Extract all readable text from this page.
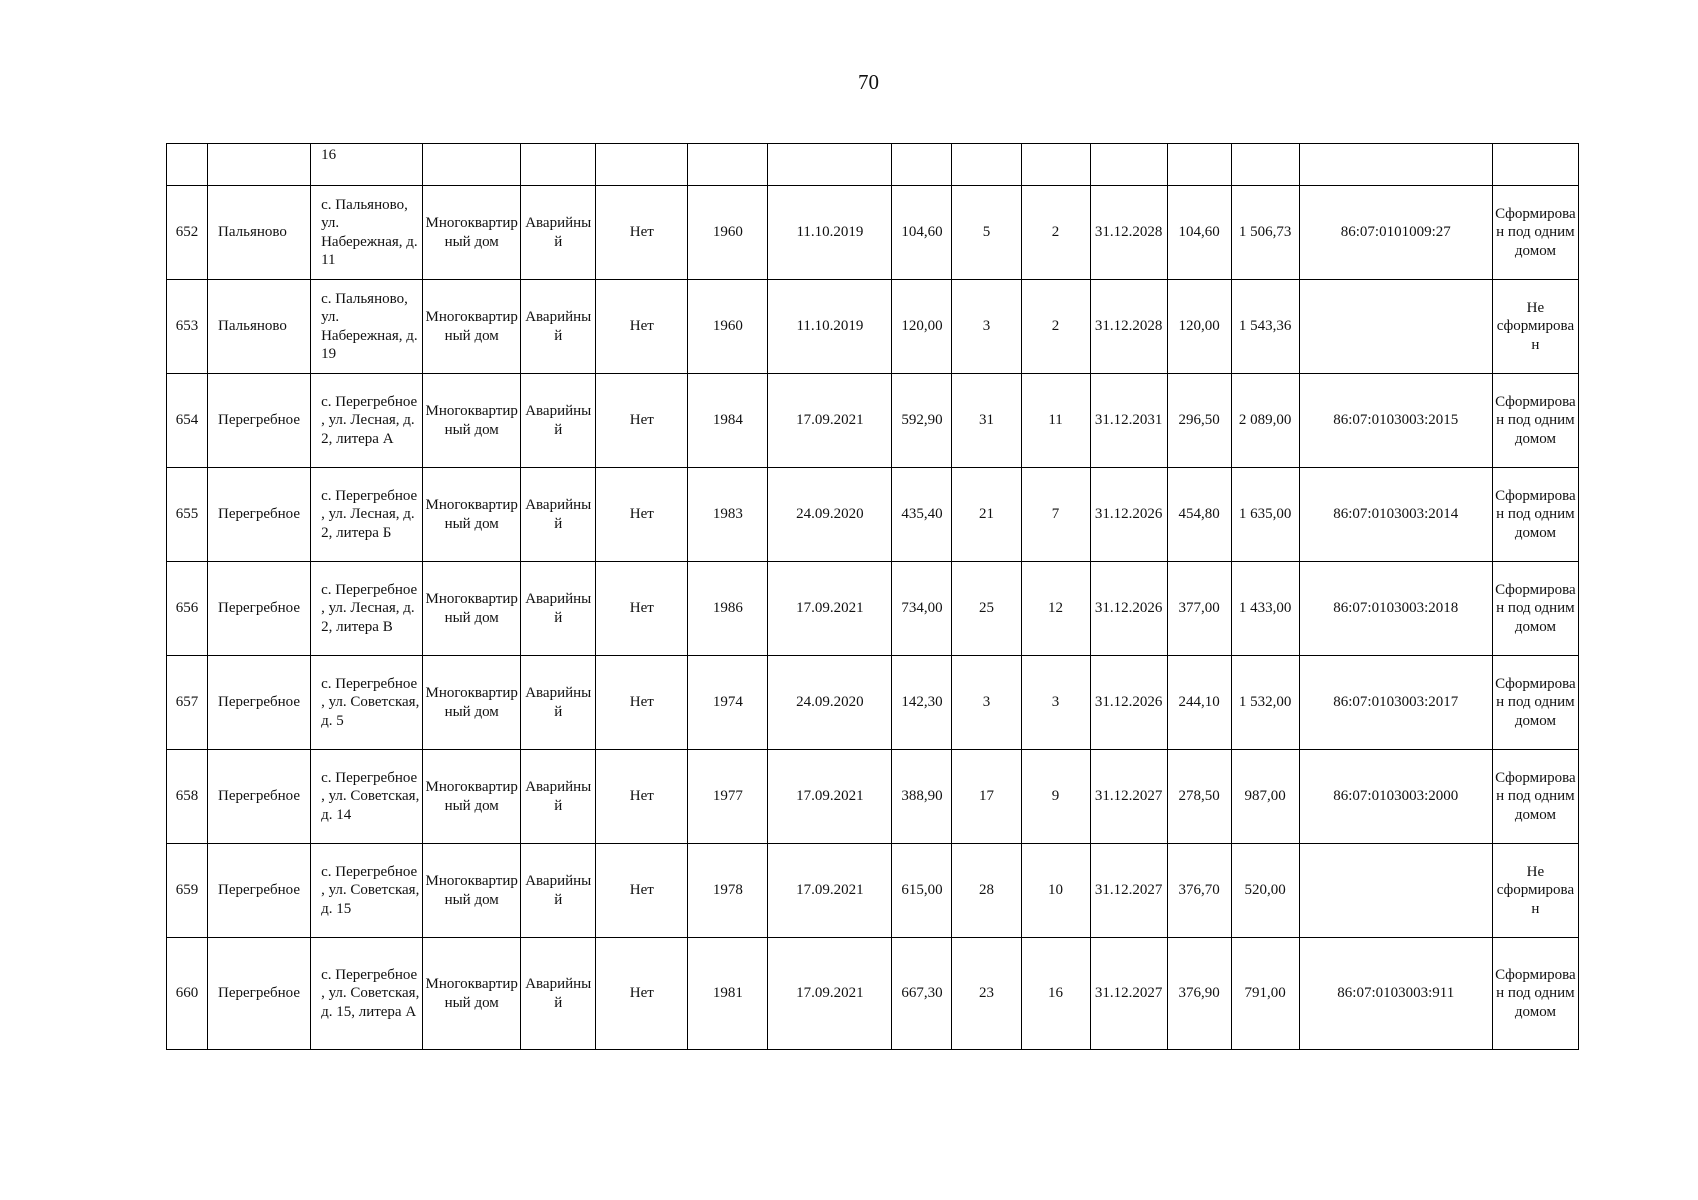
70
		16													
652	Пальяново	с. Пальяново, ул. Набережная, д. 11	Многоквартирный дом	Аварийный	Нет	1960	11.10.2019	104,60	5	2	31.12.2028	104,60	1 506,73	86:07:0101009:27	Сформирован под одним домом
653	Пальяново	с. Пальяново, ул. Набережная, д. 19	Многоквартирный дом	Аварийный	Нет	1960	11.10.2019	120,00	3	2	31.12.2028	120,00	1 543,36		Не сформирован
654	Перегребное	с. Перегребное , ул. Лесная, д. 2, литера А	Многоквартирный дом	Аварийный	Нет	1984	17.09.2021	592,90	31	11	31.12.2031	296,50	2 089,00	86:07:0103003:2015	Сформирован под одним домом
655	Перегребное	с. Перегребное , ул. Лесная, д. 2, литера Б	Многоквартирный дом	Аварийный	Нет	1983	24.09.2020	435,40	21	7	31.12.2026	454,80	1 635,00	86:07:0103003:2014	Сформирован под одним домом
656	Перегребное	с. Перегребное , ул. Лесная, д. 2, литера В	Многоквартирный дом	Аварийный	Нет	1986	17.09.2021	734,00	25	12	31.12.2026	377,00	1 433,00	86:07:0103003:2018	Сформирован под одним домом
657	Перегребное	с. Перегребное , ул. Советская, д. 5	Многоквартирный дом	Аварийный	Нет	1974	24.09.2020	142,30	3	3	31.12.2026	244,10	1 532,00	86:07:0103003:2017	Сформирован под одним домом
658	Перегребное	с. Перегребное , ул. Советская, д. 14	Многоквартирный дом	Аварийный	Нет	1977	17.09.2021	388,90	17	9	31.12.2027	278,50	987,00	86:07:0103003:2000	Сформирован под одним домом
659	Перегребное	с. Перегребное , ул. Советская, д. 15	Многоквартирный дом	Аварийный	Нет	1978	17.09.2021	615,00	28	10	31.12.2027	376,70	520,00		Не сформирован
660	Перегребное	с. Перегребное , ул. Советская, д. 15, литера А	Многоквартирный дом	Аварийный	Нет	1981	17.09.2021	667,30	23	16	31.12.2027	376,90	791,00	86:07:0103003:911	Сформирован под одним домом
